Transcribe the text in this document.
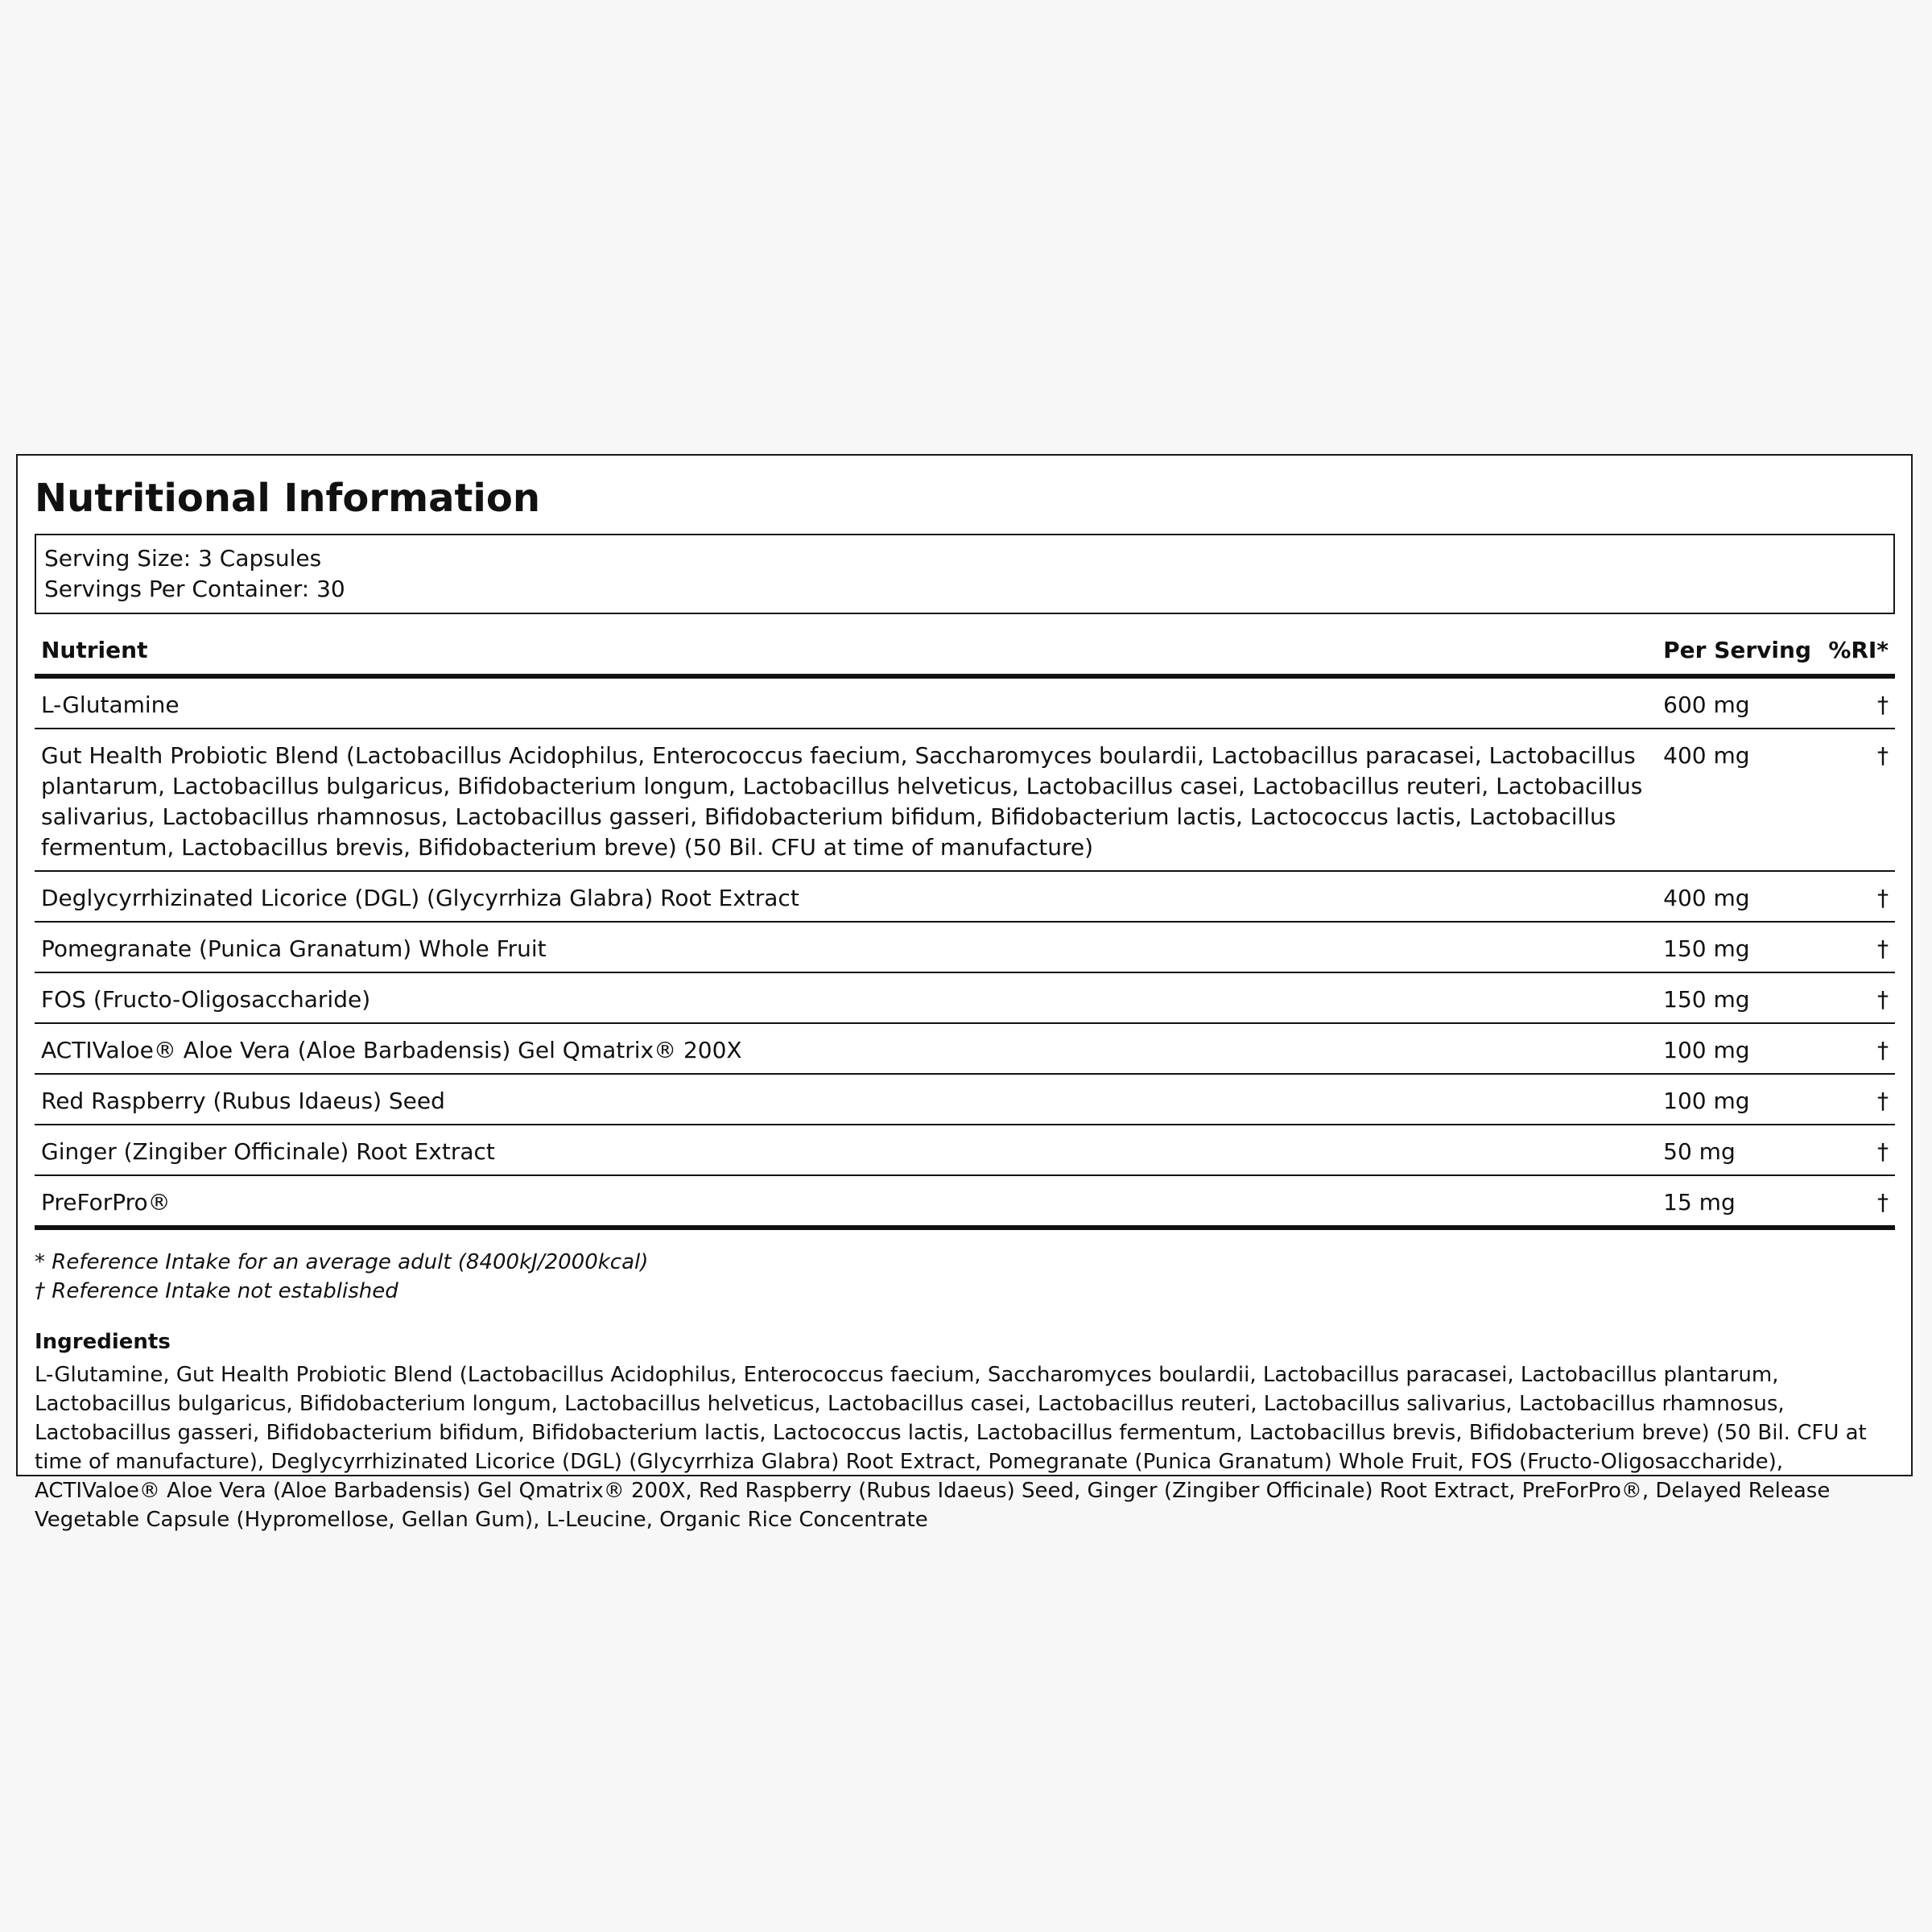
Nutritional Information
Serving Size: 3 Capsules
Servings Per Container: 30
Nutrient	Per Serving	%RI*
L-Glutamine	600 mg	†
Gut Health Probiotic Blend (Lactobacillus Acidophilus, Enterococcus faecium, Saccharomyces boulardii, Lactobacillus paracasei, Lactobacillus plantarum, Lactobacillus bulgaricus, Bifidobacterium longum, Lactobacillus helveticus, Lactobacillus casei, Lactobacillus reuteri, Lactobacillus salivarius, Lactobacillus rhamnosus, Lactobacillus gasseri, Bifidobacterium bifidum, Bifidobacterium lactis, Lactococcus lactis, Lactobacillus fermentum, Lactobacillus brevis, Bifidobacterium breve) (50 Bil. CFU at time of manufacture)	400 mg	†
Deglycyrrhizinated Licorice (DGL) (Glycyrrhiza Glabra) Root Extract	400 mg	†
Pomegranate (Punica Granatum) Whole Fruit	150 mg	†
FOS (Fructo-Oligosaccharide)	150 mg	†
ACTIValoe® Aloe Vera (Aloe Barbadensis) Gel Qmatrix® 200X	100 mg	†
Red Raspberry (Rubus Idaeus) Seed	100 mg	†
Ginger (Zingiber Officinale) Root Extract	50 mg	†
PreForPro®	15 mg	†
* Reference Intake for an average adult (8400kJ/2000kcal)
† Reference Intake not established
Ingredients
L-Glutamine, Gut Health Probiotic Blend (Lactobacillus Acidophilus, Enterococcus faecium, Saccharomyces boulardii, Lactobacillus paracasei, Lactobacillus plantarum, Lactobacillus bulgaricus, Bifidobacterium longum, Lactobacillus helveticus, Lactobacillus casei, Lactobacillus reuteri, Lactobacillus salivarius, Lactobacillus rhamnosus, Lactobacillus gasseri, Bifidobacterium bifidum, Bifidobacterium lactis, Lactococcus lactis, Lactobacillus fermentum, Lactobacillus brevis, Bifidobacterium breve) (50 Bil. CFU at time of manufacture), Deglycyrrhizinated Licorice (DGL) (Glycyrrhiza Glabra) Root Extract, Pomegranate (Punica Granatum) Whole Fruit, FOS (Fructo-Oligosaccharide), ACTIValoe® Aloe Vera (Aloe Barbadensis) Gel Qmatrix® 200X, Red Raspberry (Rubus Idaeus) Seed, Ginger (Zingiber Officinale) Root Extract, PreForPro®, Delayed Release Vegetable Capsule (Hypromellose, Gellan Gum), L-Leucine, Organic Rice Concentrate
